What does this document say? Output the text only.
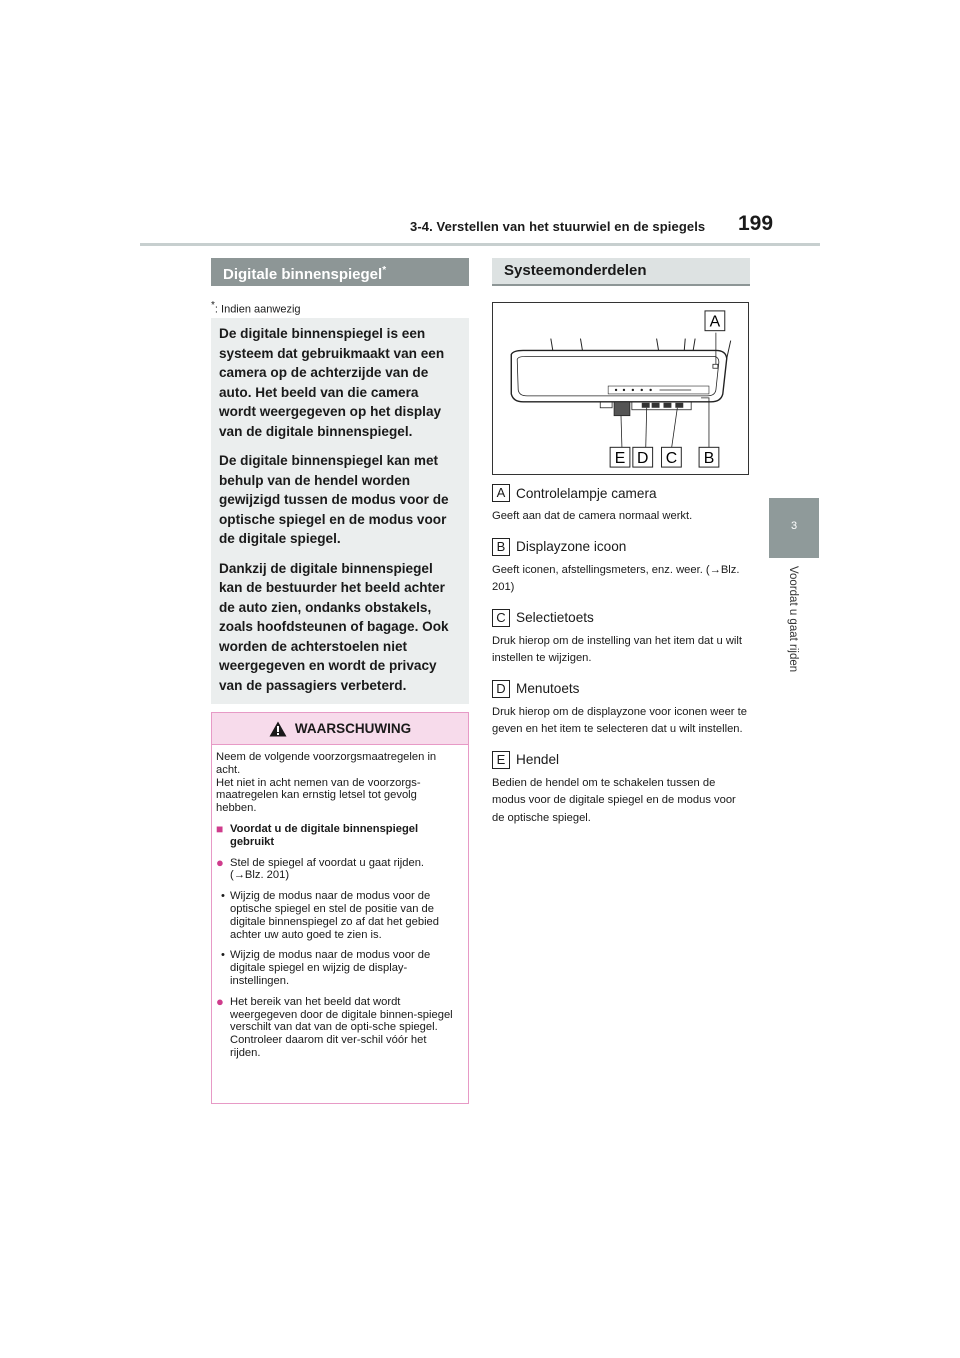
3-4. Verstellen van het stuurwiel en de spiegels 199
3
Voordat u gaat rijden
Digitale binnenspiegel*
*: Indien aanwezig

De digitale binnenspiegel is een systeem dat gebruikmaakt van een camera op de achterzijde van de auto. Het beeld van die camera wordt weergegeven op het display van de digitale binnenspiegel.

De digitale binnenspiegel kan met behulp van de hendel worden gewijzigd tussen de modus voor de optische spiegel en de modus voor de digitale spiegel.

Dankzij de digitale binnenspiegel kan de bestuurder het beeld achter de auto zien, ondanks obstakels, zoals hoofdsteunen of bagage. Ook worden de achterstoelen niet weergegeven en wordt de privacy van de passagiers verbeterd.

WAARSCHUWING

Neem de volgende voorzorgsmaatregelen in acht.
Het niet in acht nemen van de voorzorgs-maatregelen kan ernstig letsel tot gevolg hebben.

■ Voordat u de digitale binnenspiegel gebruikt
● Stel de spiegel af voordat u gaat rijden. (→Blz. 201)
• Wijzig de modus naar de modus voor de optische spiegel en stel de positie van de digitale binnenspiegel zo af dat het gebied achter uw auto goed te zien is.
• Wijzig de modus naar de modus voor de digitale spiegel en wijzig de display-instellingen.
● Het bereik van het beeld dat wordt weergegeven door de digitale binnen-spiegel verschilt van dat van de opti-sche spiegel. Controleer daarom dit ver-schil vóór het rijden.
Systeemonderdelen
A
E D C B
A Controlelampje camera

Geeft aan dat de camera normaal werkt.

B Displayzone icoon

Geeft iconen, afstellingsmeters, enz. weer. (→Blz. 201)

C Selectietoets

Druk hierop om de instelling van het item dat u wilt instellen te wijzigen.

D Menutoets

Druk hierop om de displayzone voor iconen weer te geven en het item te selecteren dat u wilt instellen.

E Hendel

Bedien de hendel om te schakelen tussen de modus voor de digitale spiegel en de modus voor de optische spiegel.
